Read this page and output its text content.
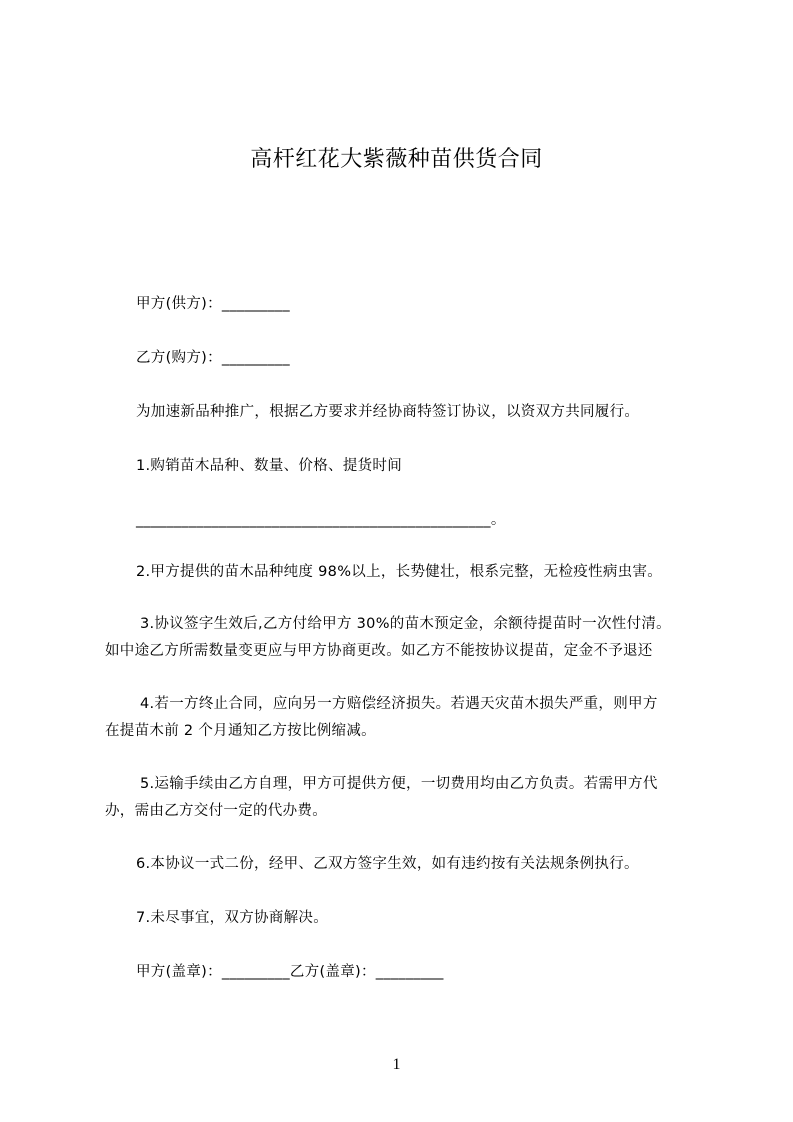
高杆红花大紫薇种苗供货合同
甲方(供方)：_________
乙方(购方)：_________
为加速新品种推广，根据乙方要求并经协商特签订协议，以资双方共同履行。
1.购销苗木品种、数量、价格、提货时间
_______________________________________________。
2.甲方提供的苗木品种纯度 98%以上，长势健壮，根系完整，无检疫性病虫害。
3.协议签字生效后,乙方付给甲方 30%的苗木预定金，余额待提苗时一次性付清。
如中途乙方所需数量变更应与甲方协商更改。如乙方不能按协议提苗，定金不予退还
4.若一方终止合同，应向另一方赔偿经济损失。若遇天灾苗木损失严重，则甲方
在提苗木前 2 个月通知乙方按比例缩减。
5.运输手续由乙方自理，甲方可提供方便，一切费用均由乙方负责。若需甲方代
办，需由乙方交付一定的代办费。
6.本协议一式二份，经甲、乙双方签字生效，如有违约按有关法规条例执行。
7.未尽事宜，双方协商解决。
甲方(盖章)：_________乙方(盖章)：_________
1
